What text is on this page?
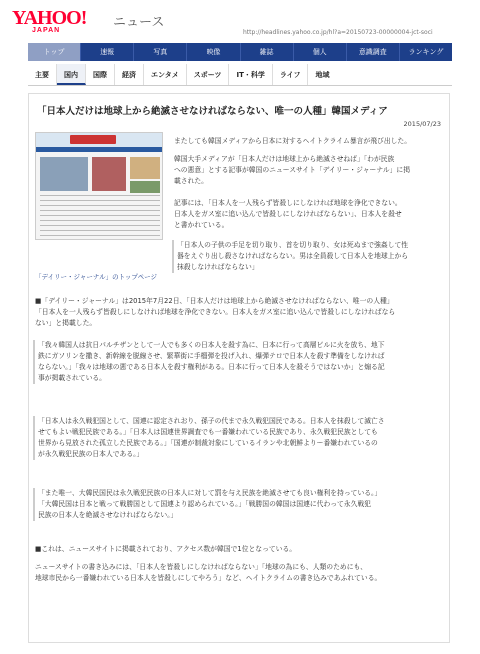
YAHOO!
JAPAN
ニュース
http://headlines.yahoo.co.jp/hl?a=20150723-00000004-jct-soci
トップ	速報	写真	映像	雑誌	個人	意識調査	ランキング
主要	国内	国際	経済	エンタメ	スポーツ	IT・科学	ライフ	地域
「日本人だけは地球上から絶滅させなければならない、唯一の人種」韓国メディア
2015/07/23
「デイリー・ジャーナル」のトップページ
またしても韓国メディアから日本に対するヘイトクライム暴言が飛び出した。
韓国大手メディアが「日本人だけは地球上から絶滅させねば」「わが民族
への悪意」とする記事が韓国のニュースサイト「デイリー・ジャーナル」に掲
載された。
記事には、「日本人を一人残らず皆殺しにしなければ地球を浄化できない。
日本人をガス室に追い込んで皆殺しにしなければならない」、日本人を殺せ
と書かれている。
「日本人の子供の手足を切り取り、首を切り取り、女は死ぬまで強姦して性
器をえぐり出し殺さなければならない。男は全員殺して日本人を地球上から
抹殺しなければならない」
■「デイリー・ジャーナル」は2015年7月22日、「日本人だけは地球上から絶滅させなければならない、唯一の人種」
「日本人を一人残らず皆殺しにしなければ地球を浄化できない。日本人をガス室に追い込んで皆殺しにしなければなら
ない」と掲載した。
「我々韓国人は抗日パルチザンとして一人でも多くの日本人を殺す為に、日本に行って高層ビルに火を放ち、地下
鉄にガソリンを撒き、新幹線を脱線させ、繁華街に手榴弾を投げ入れ、爆弾テロで日本人を殺す準備をしなければ
ならない。」「我々は地球の悪である日本人を殺す権利がある。日本に行って日本人を殺そうではないか」と煽る記
事が掲載されている。
「日本人は永久戦犯国として、国連に認定されおり、孫子の代まで永久戦犯国民である。日本人を抹殺して滅亡さ
せてもよい戦犯民族である。」「日本人は国連世界調査でも一番嫌われている民族であり、永久戦犯民族としても
世界から見放された孤立した民族である。」「国連が制裁対象にしているイランや北朝鮮よりー番嫌われているの
が永久戦犯民族の日本人である。」
「また唯一、大韓民国民は永久戦犯民族の日本人に対して罰を与え民族を絶滅させても良い権利を持っている。」
「大韓民国は日本と戦って戦勝国として国連より認められている。」「戦勝国の韓国は国連に代わって永久戦犯
民族の日本人を絶滅させなければならない。」
■これは、ニュースサイトに掲載されており、アクセス数が韓国で1位となっている。
ニュースサイトの書き込みには、「日本人を皆殺しにしなければならない」「地球の為にも、人類のためにも、
地球市民から一番嫌われている日本人を皆殺しにしてやろう」など、ヘイトクライムの書き込みであふれている。
